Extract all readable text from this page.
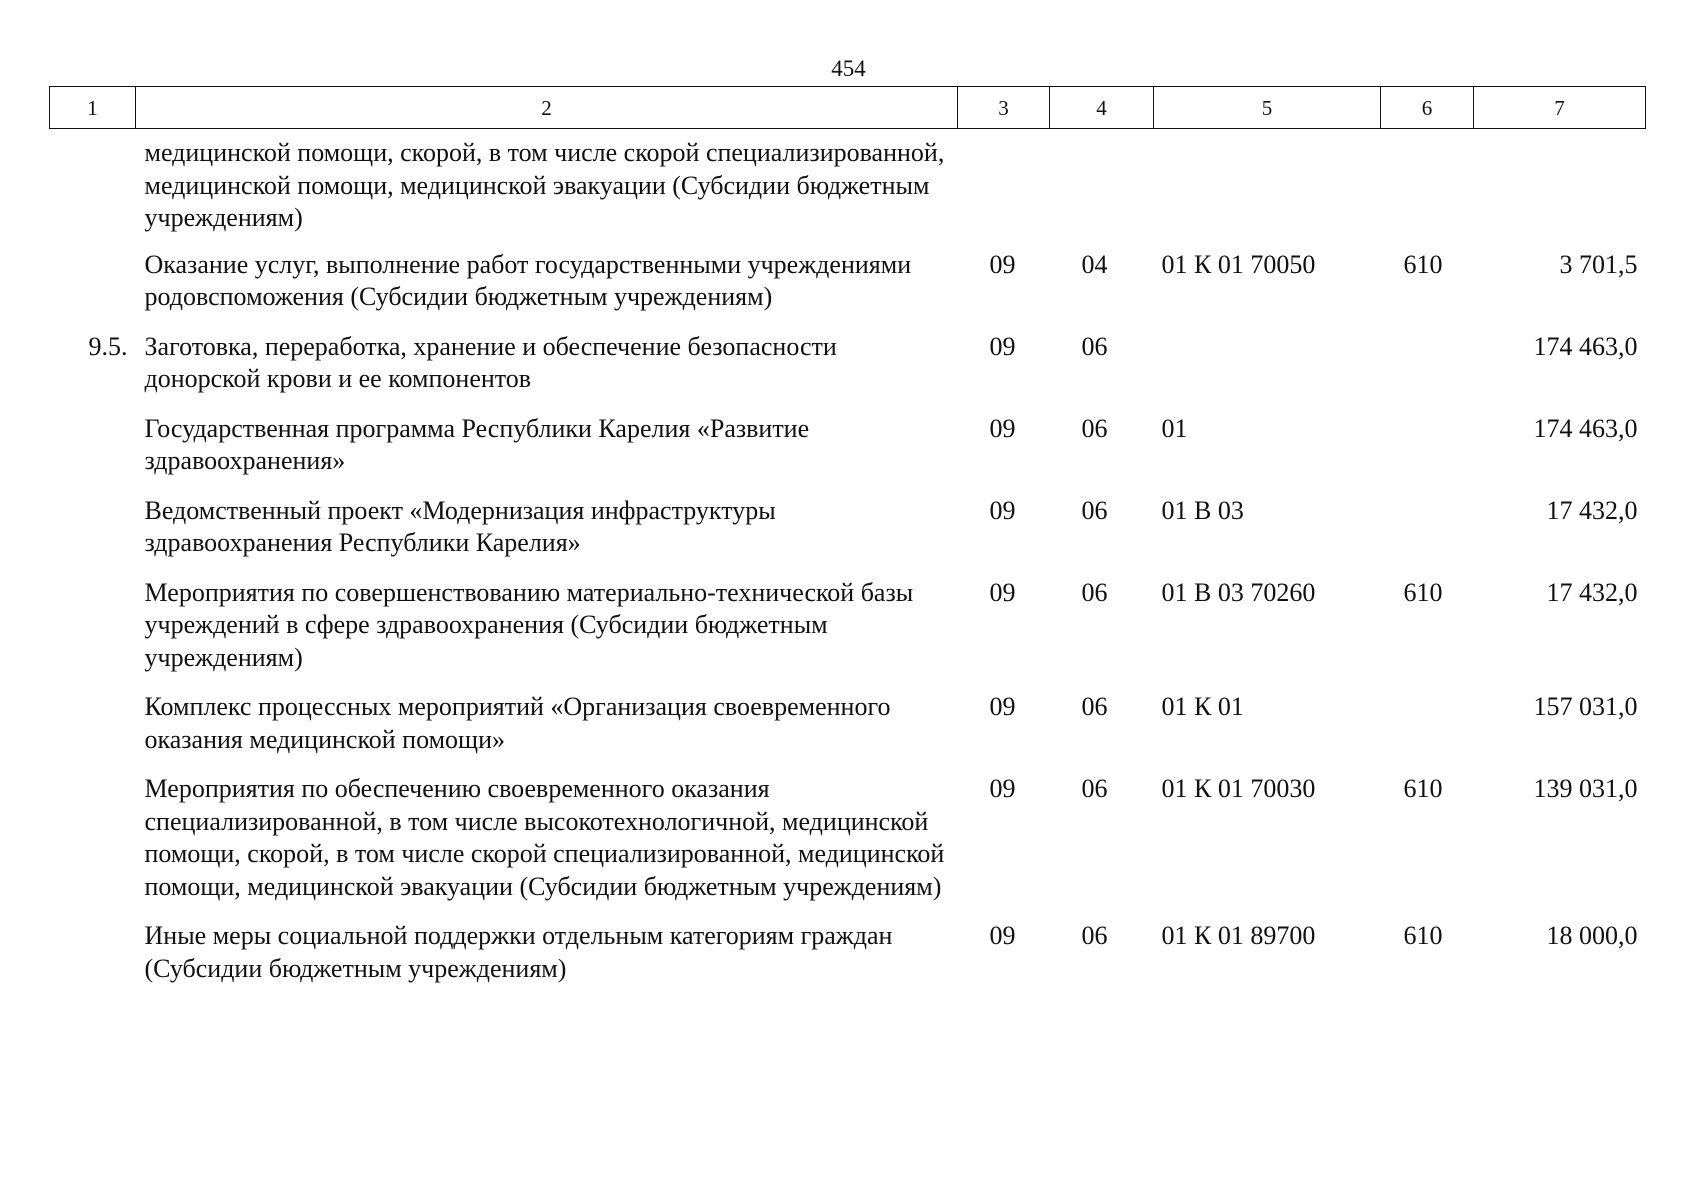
454
1	2	3	4	5	6	7
	медицинской помощи, скорой, в том числе скорой специализированной, медицинской помощи, медицинской эвакуации (Субсидии бюджетным учреждениям)					
	Оказание услуг, выполнение работ государственными учреждениями родовспоможения (Субсидии бюджетным учреждениям)	09	04	01 К 01 70050	610	3 701,5
9.5.	Заготовка, переработка, хранение и обеспечение безопасности донорской крови и ее компонентов	09	06			174 463,0
	Государственная программа Республики Карелия «Развитие здравоохранения»	09	06	01		174 463,0
	Ведомственный проект «Модернизация инфраструктуры здравоохранения Республики Карелия»	09	06	01 В 03		17 432,0
	Мероприятия по совершенствованию материально-технической базы учреждений в сфере здравоохранения (Субсидии бюджетным учреждениям)	09	06	01 В 03 70260	610	17 432,0
	Комплекс процессных мероприятий «Организация своевременного оказания медицинской помощи»	09	06	01 К 01		157 031,0
	Мероприятия по обеспечению своевременного оказания специализированной, в том числе высокотехнологичной, медицинской помощи, скорой, в том числе скорой специализированной, медицинской помощи, медицинской эвакуации (Субсидии бюджетным учреждениям)	09	06	01 К 01 70030	610	139 031,0
	Иные меры социальной поддержки отдельным категориям граждан (Субсидии бюджетным учреждениям)	09	06	01 К 01 89700	610	18 000,0
